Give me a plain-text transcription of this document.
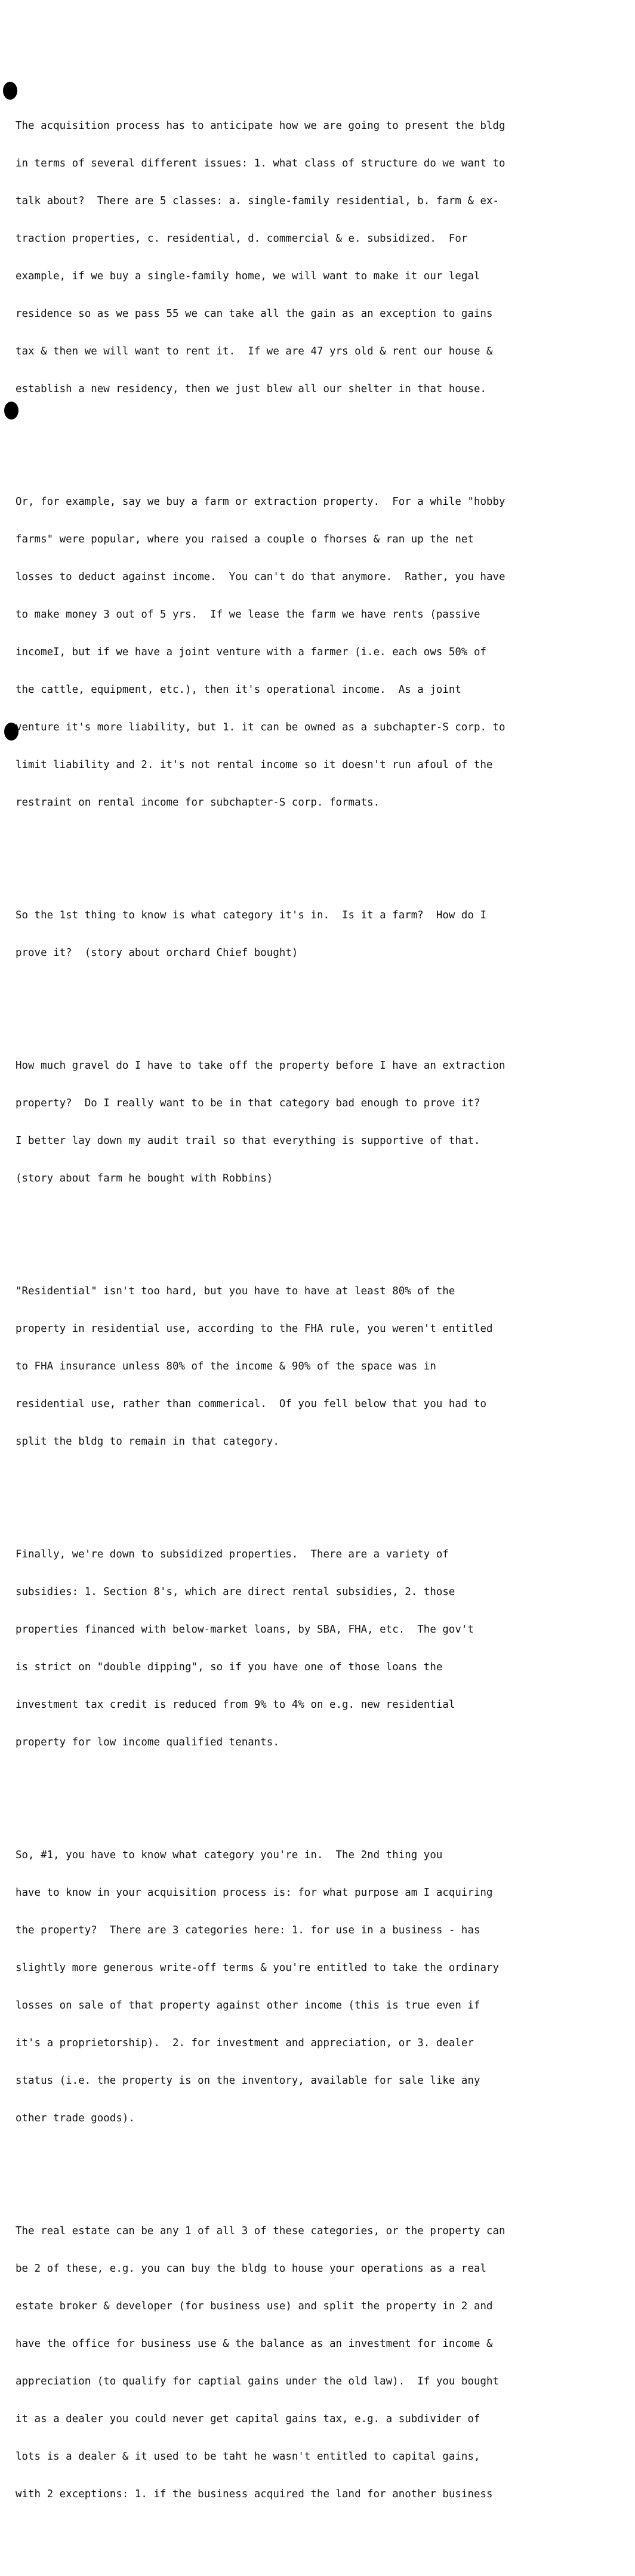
The acquisition process has to anticipate how we are going to present the bldg

in terms of several different issues: 1. what class of structure do we want to

talk about?  There are 5 classes: a. single-family residential, b. farm & ex-

traction properties, c. residential, d. commercial & e. subsidized.  For

example, if we buy a single-family home, we will want to make it our legal

residence so as we pass 55 we can take all the gain as an exception to gains

tax & then we will want to rent it.  If we are 47 yrs old & rent our house &

establish a new residency, then we just blew all our shelter in that house.

Or, for example, say we buy a farm or extraction property.  For a while "hobby

farms" were popular, where you raised a couple o fhorses & ran up the net

losses to deduct against income.  You can't do that anymore.  Rather, you have

to make money 3 out of 5 yrs.  If we lease the farm we have rents (passive

incomeI, but if we have a joint venture with a farmer (i.e. each ows 50% of

the cattle, equipment, etc.), then it's operational income.  As a joint

venture it's more liability, but 1. it can be owned as a subchapter-S corp. to

limit liability and 2. it's not rental income so it doesn't run afoul of the

restraint on rental income for subchapter-S corp. formats.

So the 1st thing to know is what category it's in.  Is it a farm?  How do I

prove it?  (story about orchard Chief bought)

How much gravel do I have to take off the property before I have an extraction

property?  Do I really want to be in that category bad enough to prove it?

I better lay down my audit trail so that everything is supportive of that.

(story about farm he bought with Robbins)

"Residential" isn't too hard, but you have to have at least 80% of the

property in residential use, according to the FHA rule, you weren't entitled

to FHA insurance unless 80% of the income & 90% of the space was in

residential use, rather than commerical.  Of you fell below that you had to

split the bldg to remain in that category.

Finally, we're down to subsidized properties.  There are a variety of

subsidies: 1. Section 8's, which are direct rental subsidies, 2. those

properties financed with below-market loans, by SBA, FHA, etc.  The gov't

is strict on "double dipping", so if you have one of those loans the

investment tax credit is reduced from 9% to 4% on e.g. new residential

property for low income qualified tenants.

So, #1, you have to know what category you're in.  The 2nd thing you

have to know in your acquisition process is: for what purpose am I acquiring

the property?  There are 3 categories here: 1. for use in a business - has

slightly more generous write-off terms & you're entitled to take the ordinary

losses on sale of that property against other income (this is true even if

it's a proprietorship).  2. for investment and appreciation, or 3. dealer

status (i.e. the property is on the inventory, available for sale like any

other trade goods).

The real estate can be any 1 of all 3 of these categories, or the property can

be 2 of these, e.g. you can buy the bldg to house your operations as a real

estate broker & developer (for business use) and split the property in 2 and

have the office for business use & the balance as an investment for income &

appreciation (to qualify for captial gains under the old law).  If you bought

it as a dealer you could never get capital gains tax, e.g. a subdivider of

lots is a dealer & it used to be taht he wasn't entitled to capital gains,

with 2 exceptions: 1. if the business acquired the land for another business
